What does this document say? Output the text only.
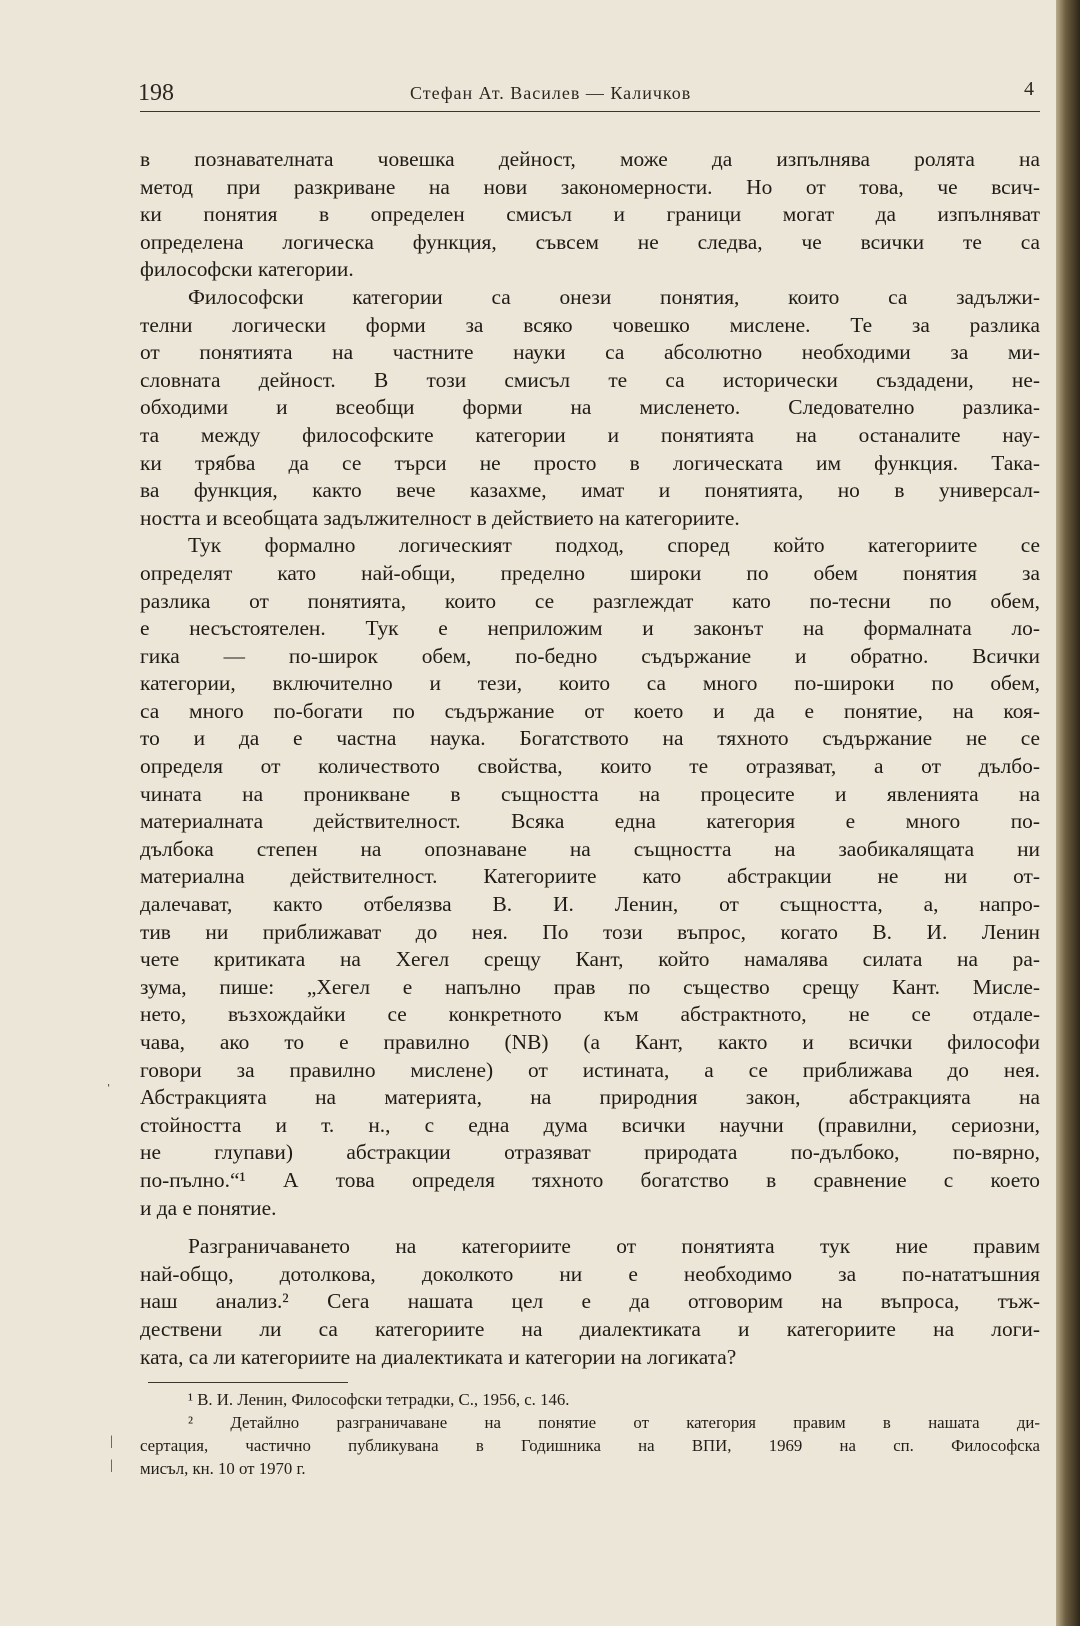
198	Стефан Ат. Василев — Каличков	4
в познавателната човешка дейност, може да изпълнява ролята на
метод при разкриване на нови закономерности. Но от това, че всич-
ки понятия в определен смисъл и граници могат да изпълняват
определена логическа функция, съвсем не следва, че всички те са
философски категории.
Философски категории са онези понятия, които са задължи-
телни логически форми за всяко човешко мислене. Те за разлика
от понятията на частните науки са абсолютно необходими за ми-
словната дейност. В този смисъл те са исторически създадени, не-
обходими и всеобщи форми на мисленето. Следователно разлика-
та между философските категории и понятията на останалите нау-
ки трябва да се търси не просто в логическата им функция. Така-
ва функция, както вече казахме, имат и понятията, но в универсал-
ността и всеобщата задължителност в действието на категориите.
Тук формално логическият подход, според който категориите се
определят като най-общи, пределно широки по обем понятия за
разлика от понятията, които се разглеждат като по-тесни по обем,
е несъстоятелен. Тук е неприложим и законът на формалната ло-
гика — по-широк обем, по-бедно съдържание и обратно. Всички
категории, включително и тези, които са много по-широки по обем,
са много по-богати по съдържание от което и да е понятие, на коя-
то и да е частна наука. Богатството на тяхното съдържание не се
определя от количеството свойства, които те отразяват, а от дълбо-
чината на проникване в същността на процесите и явленията на
материалната действителност. Всяка една категория е много по-
дълбока степен на опознаване на същността на заобикалящата ни
материална действителност. Категориите като абстракции не ни от-
далечават, както отбелязва В. И. Ленин, от същността, а, напро-
тив ни приближават до нея. По този въпрос, когато В. И. Ленин
чете критиката на Хегел срещу Кант, който намалява силата на ра-
зума, пише: „Хегел е напълно прав по същество срещу Кант. Мисле-
нето, възхождайки се конкретното към абстрактното, не се отдале-
чава, ако то е правилно (NB) (а Кант, както и всички философи
говори за правилно мислене) от истината, а се приближава до нея.
Абстракцията на материята, на природния закон, абстракцията на
стойността и т. н., с една дума всички научни (правилни, сериозни,
не глупави) абстракции отразяват природата по-дълбоко, по-вярно,
по-пълно.“¹ А това определя тяхното богатство в сравнение с което
и да е понятие.
Разграничаването на категориите от понятията тук ние правим
най-общо, дотолкова, доколкото ни е необходимо за по-нататъшния
наш анализ.² Сега нашата цел е да отговорим на въпроса, тъж-
дествени ли са категориите на диалектиката и категориите на логи-
ката, са ли категориите на диалектиката и категории на логиката?
¹ В. И. Ленин, Философски тетрадки, С., 1956, с. 146.
² Детайлно разграничаване на понятие от категория правим в нашата ди-
сертация, частично публикувана в Годишника на ВПИ, 1969 на сп. Философска
мисъл, кн. 10 от 1970 г.
ˈ
|
|
